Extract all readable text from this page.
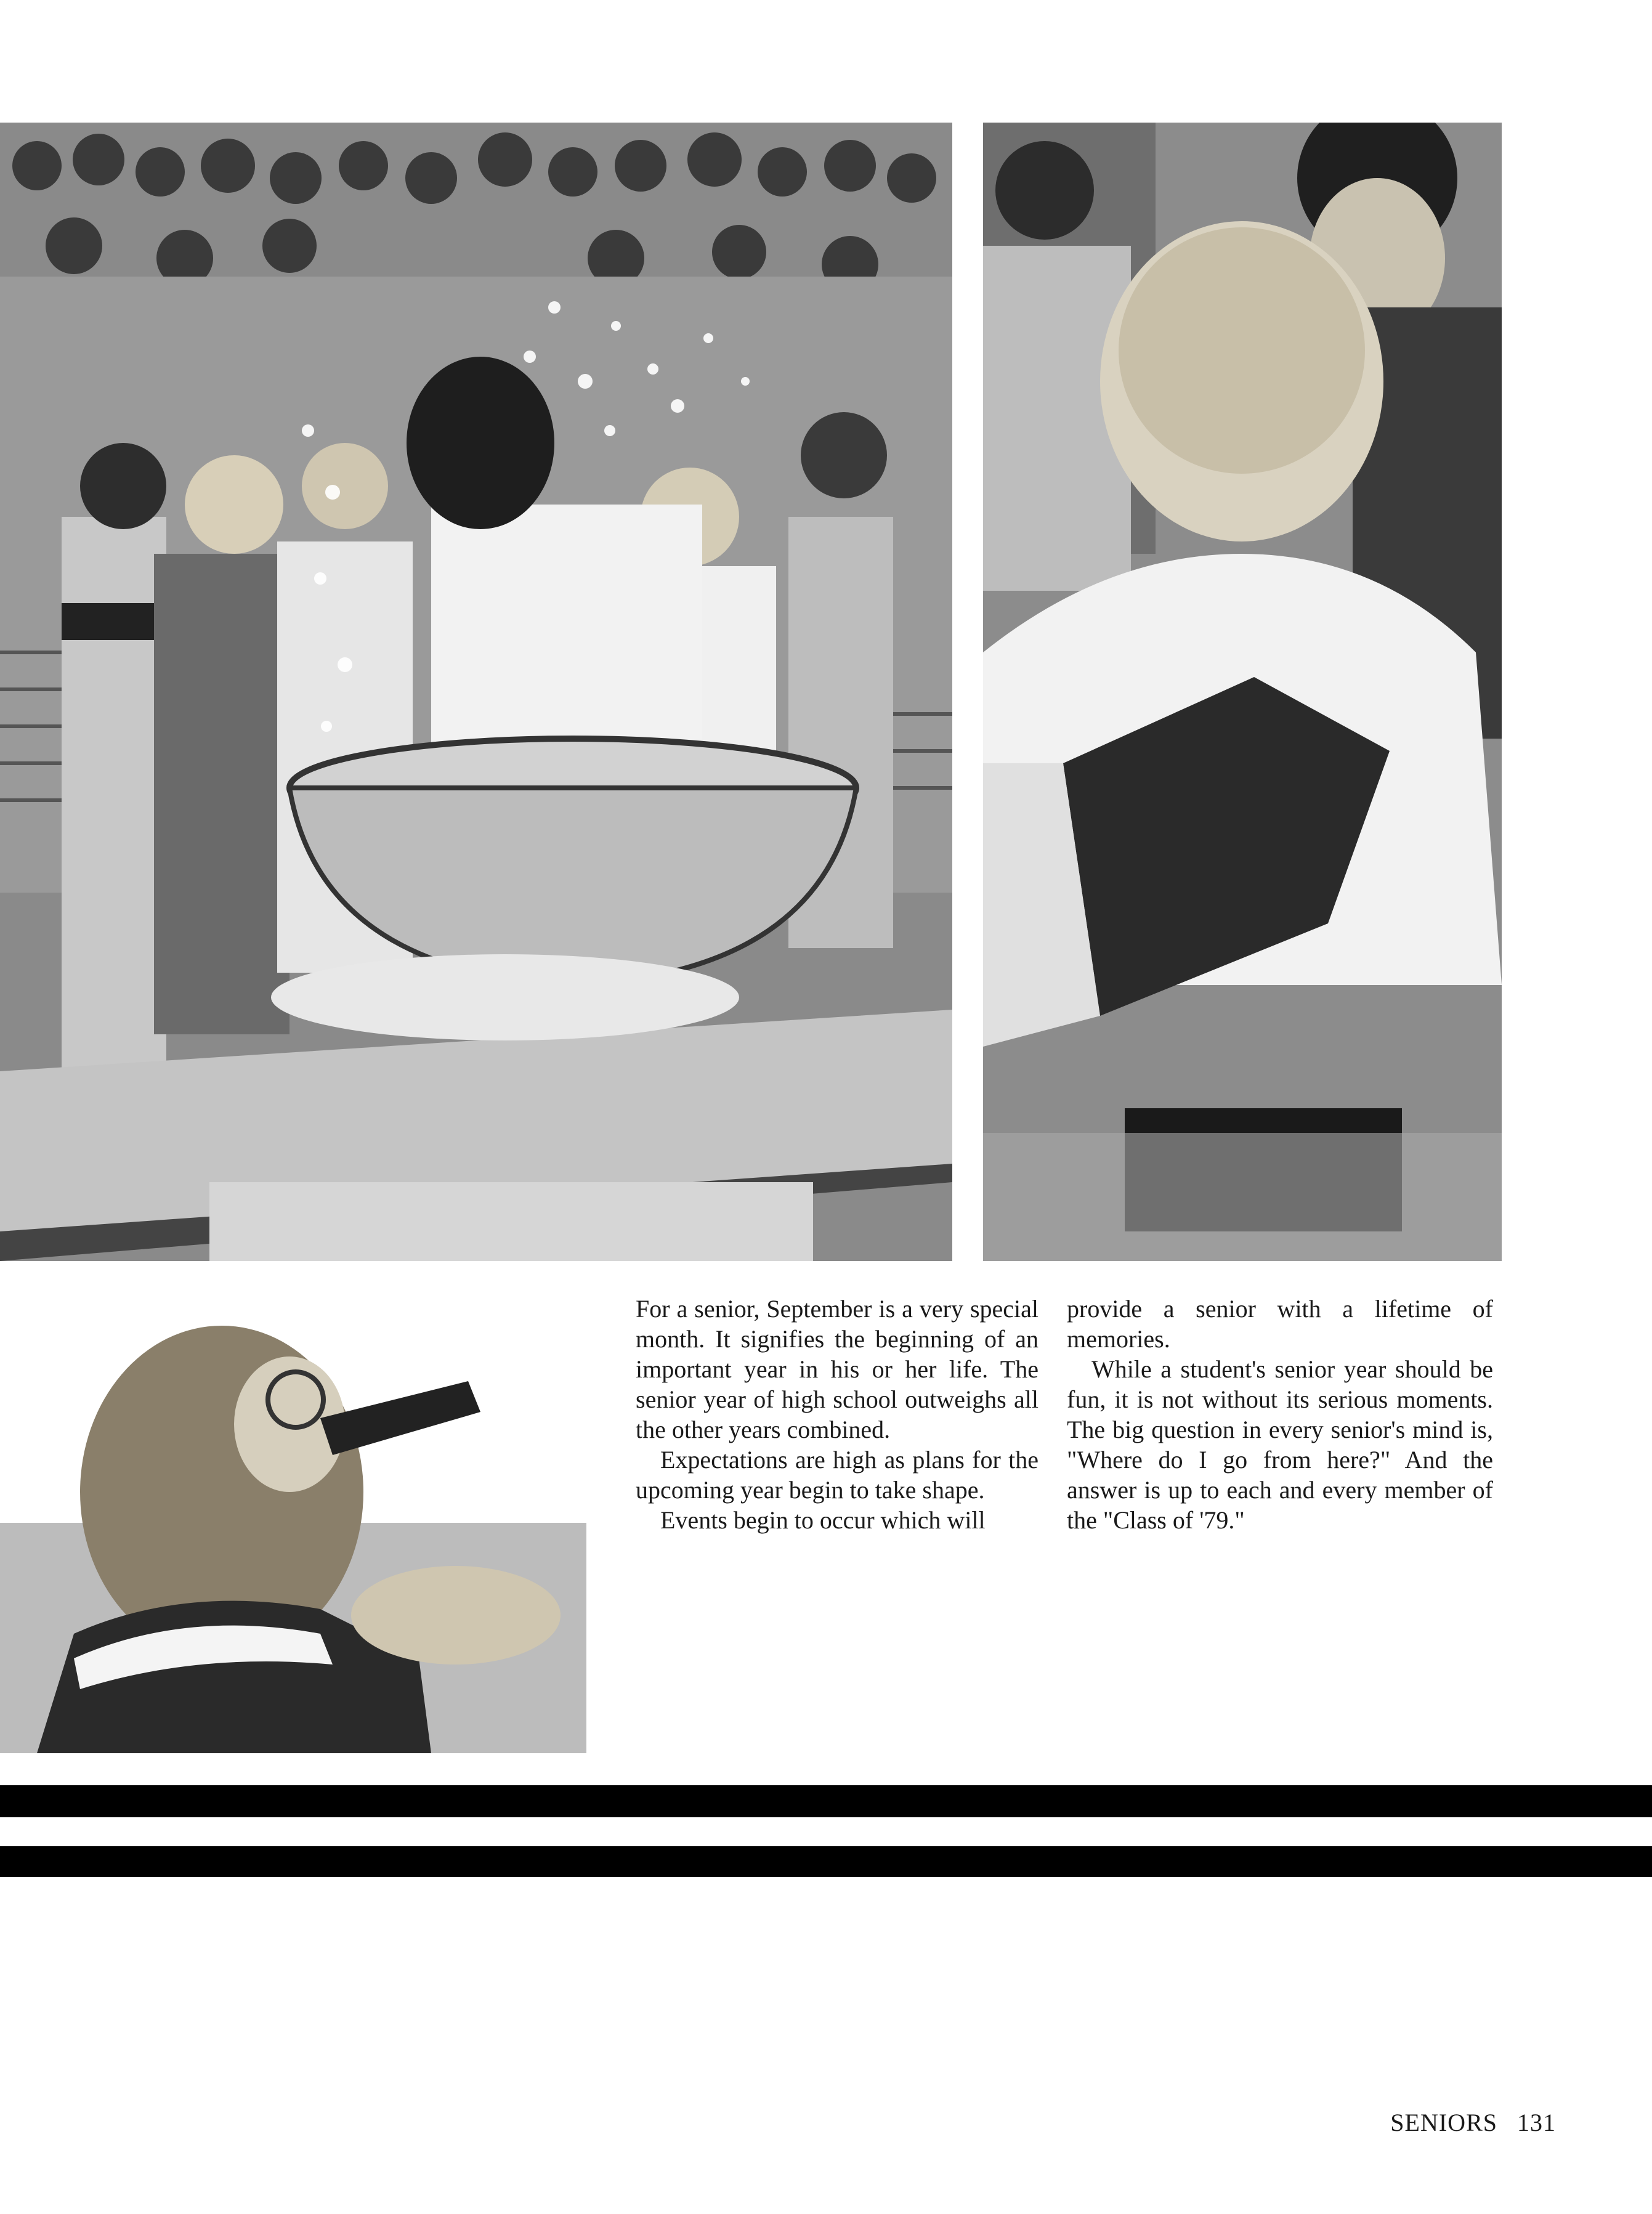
For a senior, September is a very special month. It signifies the beginning of an important year in his or her life. The senior year of high school outweighs all the other years combined.

Expectations are high as plans for the upcoming year begin to take shape.

Events begin to occur which will

provide a senior with a lifetime of memories.

While a student's senior year should be fun, it is not without its serious moments. The big question in every senior's mind is, "Where do I go from here?" And the answer is up to each and every member of the "Class of '79."

SENIORS 131
